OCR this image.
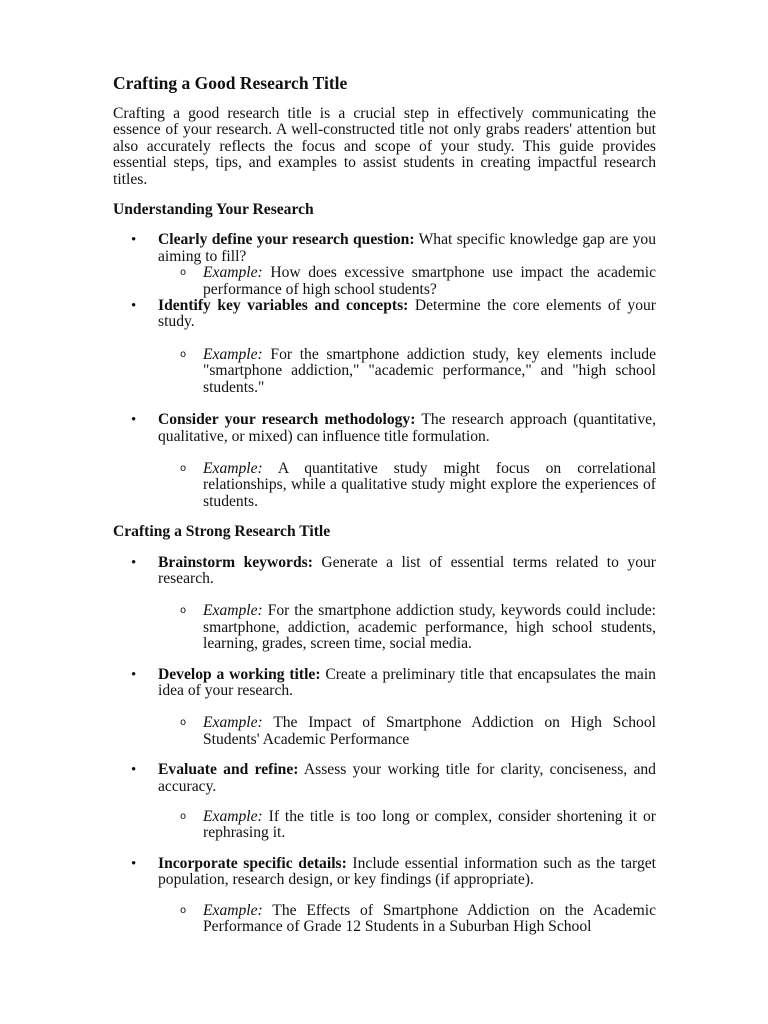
Crafting a Good Research Title

Crafting a good research title is a crucial step in effectively communicating the essence of your research. A well-constructed title not only grabs readers' attention but also accurately reflects the focus and scope of your study. This guide provides essential steps, tips, and examples to assist students in creating impactful research titles.

Understanding Your Research
• Clearly define your research question: What specific knowledge gap are you aiming to fill?
o Example: How does excessive smartphone use impact the academic performance of high school students?
• Identify key variables and concepts: Determine the core elements of your study.
o Example: For the smartphone addiction study, key elements include "smartphone addiction," "academic performance," and "high school students."
• Consider your research methodology: The research approach (quantitative, qualitative, or mixed) can influence title formulation.
o Example: A quantitative study might focus on correlational relationships, while a qualitative study might explore the experiences of students.
Crafting a Strong Research Title
• Brainstorm keywords: Generate a list of essential terms related to your research.
o Example: For the smartphone addiction study, keywords could include: smartphone, addiction, academic performance, high school students, learning, grades, screen time, social media.
• Develop a working title: Create a preliminary title that encapsulates the main idea of your research.
o Example: The Impact of Smartphone Addiction on High School Students' Academic Performance
• Evaluate and refine: Assess your working title for clarity, conciseness, and accuracy.
o Example: If the title is too long or complex, consider shortening it or rephrasing it.
• Incorporate specific details: Include essential information such as the target population, research design, or key findings (if appropriate).
o Example: The Effects of Smartphone Addiction on the Academic Performance of Grade 12 Students in a Suburban High School
